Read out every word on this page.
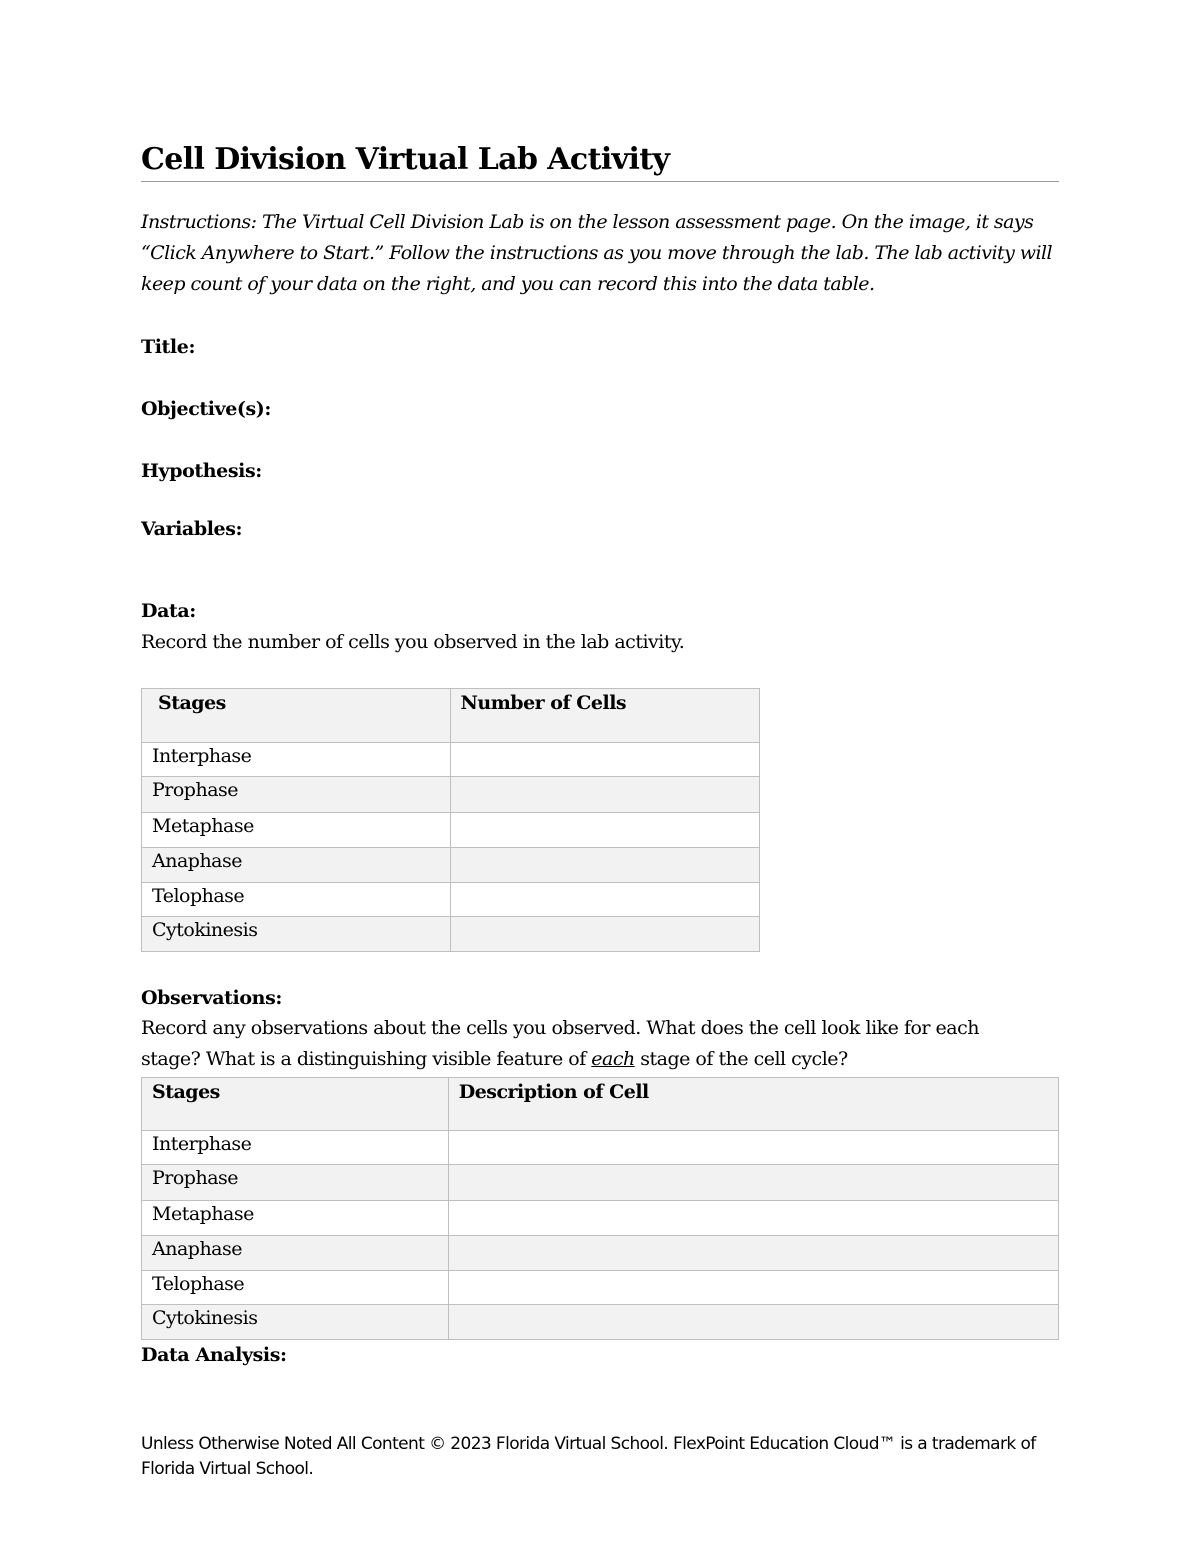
Cell Division Virtual Lab Activity

Instructions: The Virtual Cell Division Lab is on the lesson assessment page. On the image, it says “Click Anywhere to Start.” Follow the instructions as you move through the lab. The lab activity will keep count of your data on the right, and you can record this into the data table.

Title:

Objective(s):

Hypothesis:

Variables:

Data:

Record the number of cells you observed in the lab activity.

Stages	Number of Cells
Interphase	
Prophase	
Metaphase	
Anaphase	
Telophase	
Cytokinesis	

Observations:

Record any observations about the cells you observed. What does the cell look like for each stage? What is a distinguishing visible feature of each stage of the cell cycle?

Stages	Description of Cell
Interphase	
Prophase	
Metaphase	
Anaphase	
Telophase	
Cytokinesis	

Data Analysis:

Unless Otherwise Noted All Content © 2023 Florida Virtual School. FlexPoint Education Cloud™ is a trademark of Florida Virtual School.
